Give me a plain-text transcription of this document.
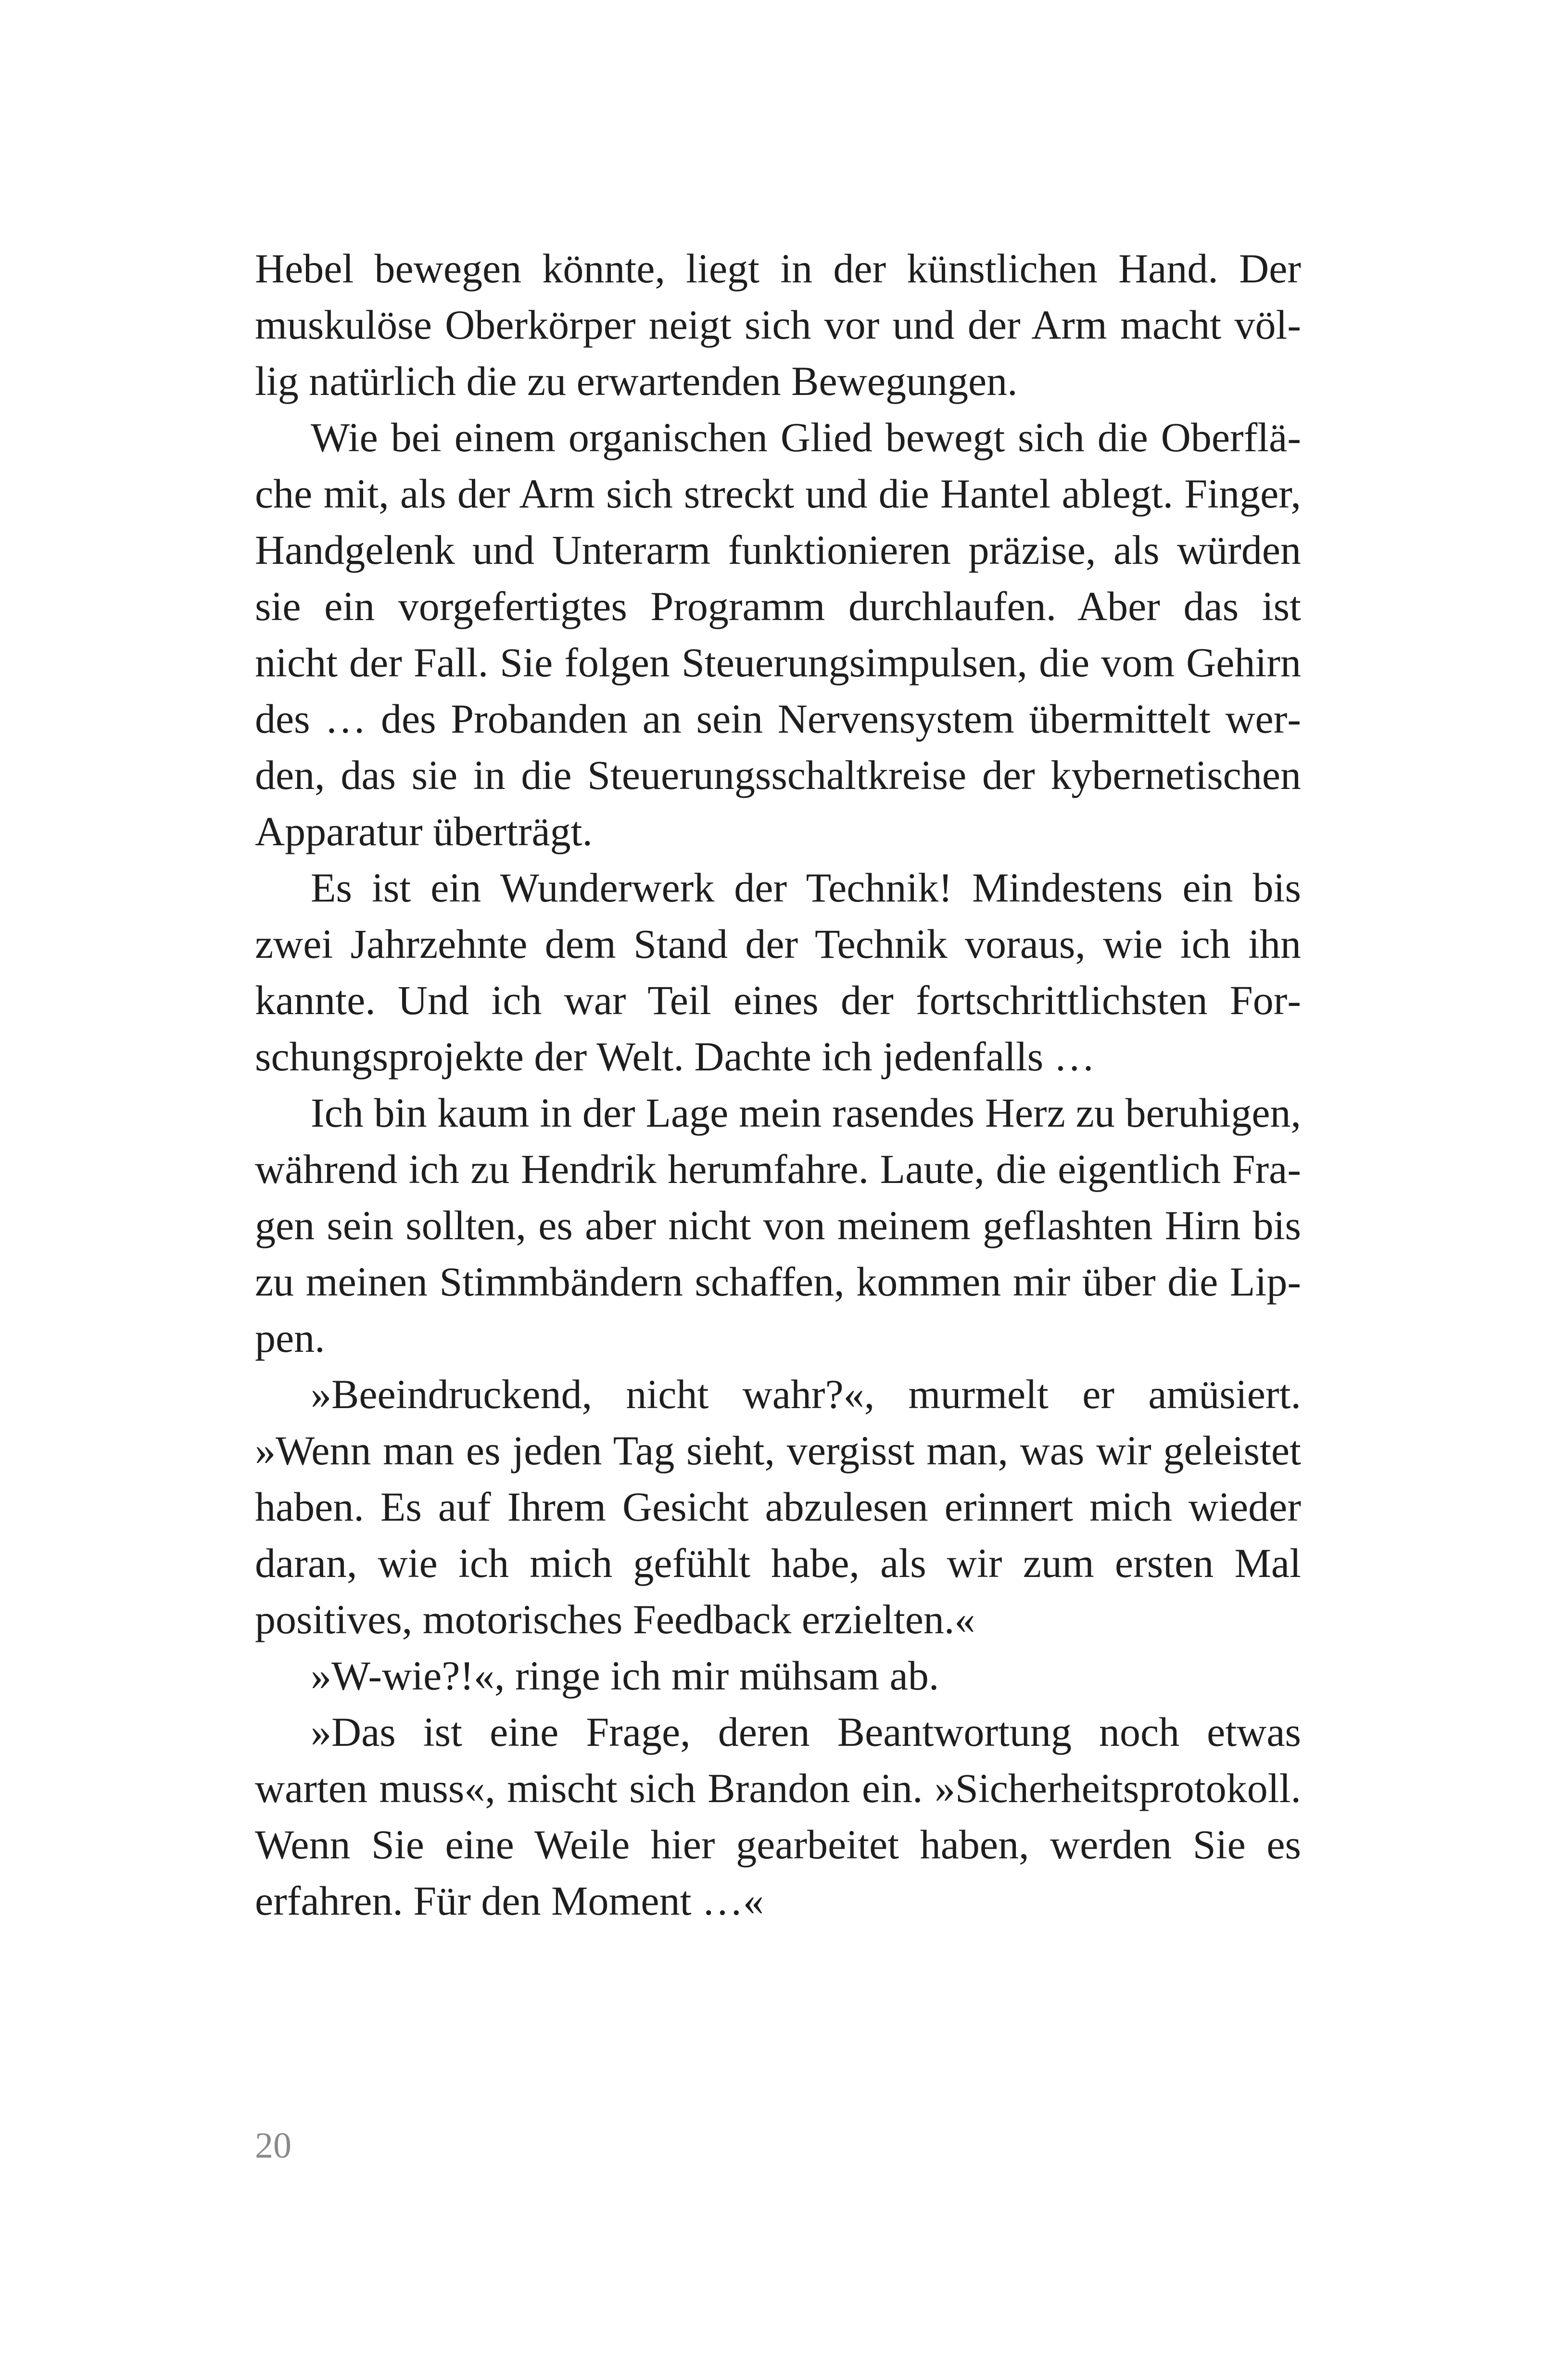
Hebel bewegen könnte, liegt in der künstlichen Hand. Der muskulöse Oberkörper neigt sich vor und der Arm macht völlig natürlich die zu erwartenden Bewegungen.

Wie bei einem organischen Glied bewegt sich die Oberfläche mit, als der Arm sich streckt und die Hantel ablegt. Finger, Handgelenk und Unterarm funktionieren präzise, als würden sie ein vorgefertigtes Programm durchlaufen. Aber das ist nicht der Fall. Sie folgen Steuerungsimpulsen, die vom Gehirn des … des Probanden an sein Nervensystem übermittelt werden, das sie in die Steuerungsschaltkreise der kybernetischen Apparatur überträgt.

Es ist ein Wunderwerk der Technik! Mindestens ein bis zwei Jahrzehnte dem Stand der Technik voraus, wie ich ihn kannte. Und ich war Teil eines der fortschrittlichsten Forschungsprojekte der Welt. Dachte ich jedenfalls …

Ich bin kaum in der Lage mein rasendes Herz zu beruhigen, während ich zu Hendrik herumfahre. Laute, die eigentlich Fragen sein sollten, es aber nicht von meinem geflashten Hirn bis zu meinen Stimmbändern schaffen, kommen mir über die Lippen.

»Beeindruckend, nicht wahr?«, murmelt er amüsiert. »Wenn man es jeden Tag sieht, vergisst man, was wir geleistet haben. Es auf Ihrem Gesicht abzulesen erinnert mich wieder daran, wie ich mich gefühlt habe, als wir zum ersten Mal positives, motorisches Feedback erzielten.«

»W-wie?!«, ringe ich mir mühsam ab.

»Das ist eine Frage, deren Beantwortung noch etwas warten muss«, mischt sich Brandon ein. »Sicherheitsprotokoll. Wenn Sie eine Weile hier gearbeitet haben, werden Sie es erfahren. Für den Moment …«

20
